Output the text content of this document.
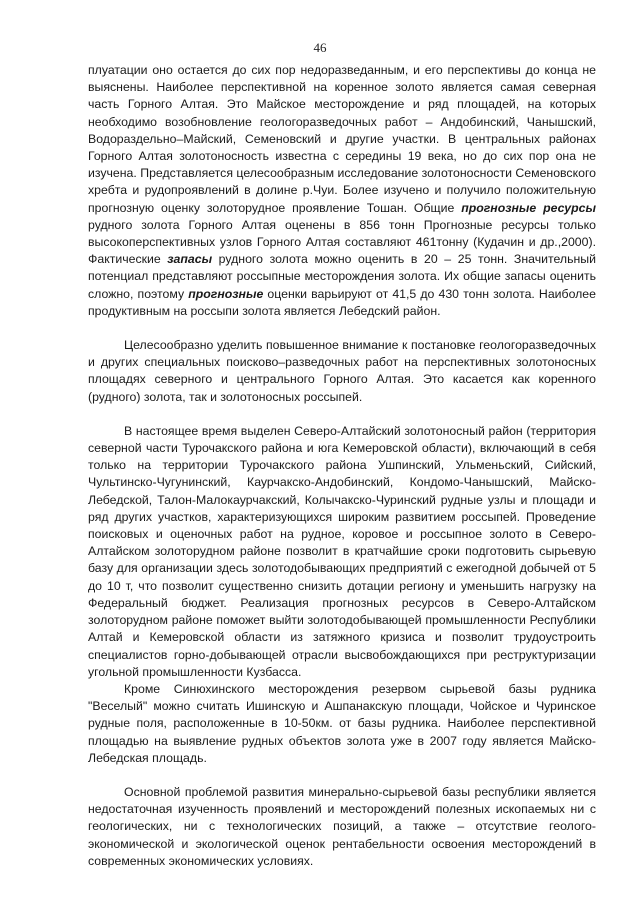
46

плуатации оно остается до сих пор недоразведанным, и его перспективы до конца не выяснены. Наиболее перспективной на коренное золото является самая северная часть Горного Алтая. Это Майское месторождение и ряд площадей, на которых необходимо возобновление геологоразведочных работ – Андобинский, Чанышский, Водораздельно–Майский, Семеновский и другие участки. В центральных районах Горного Алтая золотоносность известна с середины 19 века, но до сих пор она не изучена. Представляется целесообразным исследование золотоносности Семеновского хребта и рудопроявлений в долине р.Чуи. Более изучено и получило положительную прогнозную оценку золоторудное проявление Тошан. Общие прогнозные ресурсы рудного золота Горного Алтая оценены в 856 тонн Прогнозные ресурсы только высокоперспективных узлов Горного Алтая составляют 461тонну (Кудачин и др.,2000). Фактические запасы рудного золота можно оценить в 20 – 25 тонн. Значительный потенциал представляют россыпные месторождения золота. Их общие запасы оценить сложно, поэтому прогнозные оценки варьируют от 41,5 до 430 тонн золота. Наиболее продуктивным на россыпи золота является Лебедский район.

Целесообразно уделить повышенное внимание к постановке геологоразведочных и других специальных поисково–разведочных работ на перспективных золотоносных площадях северного и центрального Горного Алтая. Это касается как коренного (рудного) золота, так и золотоносных россыпей.

В настоящее время выделен Северо-Алтайский золотоносный район (территория северной части Турочакского района и юга Кемеровской области), включающий в себя только на территории Турочакского района Ушпинский, Ульменьский, Сийский, Чультинско-Чугунинский, Каурчакско-Андобинский, Кондомо-Чанышский, Майско-Лебедской, Талон-Малокаурчакский, Колычакско-Чуринский рудные узлы и площади и ряд других участков, характеризующихся широким развитием россыпей. Проведение поисковых и оценочных работ на рудное, коровое и россыпное золото в Северо-Алтайском золоторудном районе позволит в кратчайшие сроки подготовить сырьевую базу для организации здесь золотодобывающих предприятий с ежегодной добычей от 5 до 10 т, что позволит существенно снизить дотации региону и уменьшить нагрузку на Федеральный бюджет. Реализация прогнозных ресурсов в Северо-Алтайском золоторудном районе поможет выйти золотодобывающей промышленности Республики Алтай и Кемеровской области из затяжного кризиса и позволит трудоустроить специалистов горно-добывающей отрасли высвобождающихся при реструктуризации угольной промышленности Кузбасса.

Кроме Синюхинского месторождения резервом сырьевой базы рудника "Веселый" можно считать Ишинскую и Ашпанакскую площади, Чойское и Чуринское рудные поля, расположенные в 10-50км. от базы рудника. Наиболее перспективной площадью на выявление рудных объектов золота уже в 2007 году является Майско-Лебедская площадь.

Основной проблемой развития минерально-сырьевой базы республики является недостаточная изученность проявлений и месторождений полезных ископаемых ни с геологических, ни с технологических позиций, а также – отсутствие геолого-экономической и экологической оценок рентабельности освоения месторождений в современных экономических условиях.
